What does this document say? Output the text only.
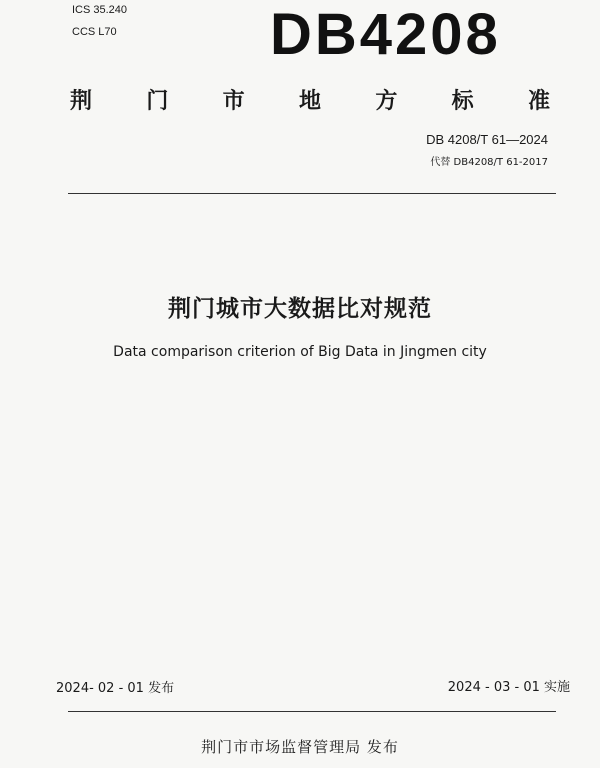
ICS 35.240
CCS L70	DB4208
荆 门 市 地 方 标 准
DB 4208/T 61—2024
代替 DB4208/T 61-2017
荆门城市大数据比对规范
Data comparison criterion of Big Data in Jingmen city
2024- 02 - 01 发布	2024 - 03 - 01 实施
荆门市市场监督管理局 发布
